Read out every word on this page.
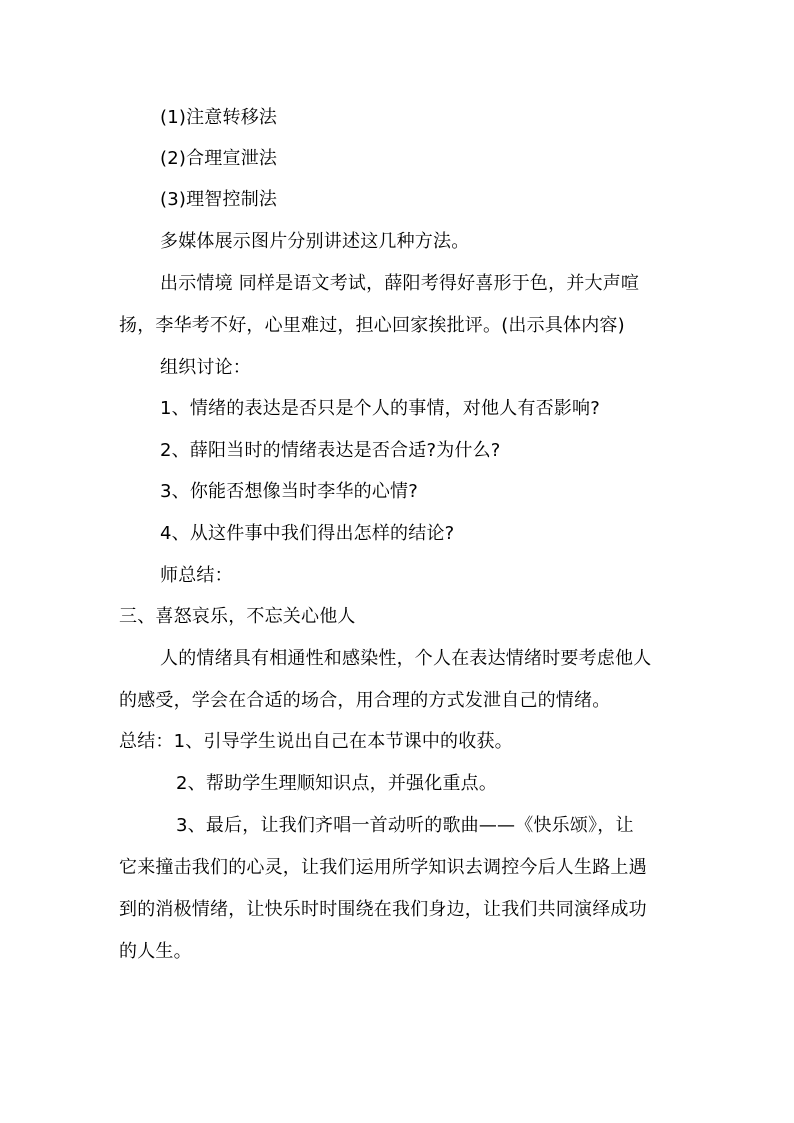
(1)注意转移法
(2)合理宣泄法
(3)理智控制法
多媒体展示图片分别讲述这几种方法。
出示情境 同样是语文考试，薛阳考得好喜形于色，并大声喧
扬，李华考不好，心里难过，担心回家挨批评。(出示具体内容)
组织讨论：
1、情绪的表达是否只是个人的事情，对他人有否影响?
2、薛阳当时的情绪表达是否合适?为什么?
3、你能否想像当时李华的心情?
4、从这件事中我们得出怎样的结论?
师总结：
三、喜怒哀乐，不忘关心他人
人的情绪具有相通性和感染性，个人在表达情绪时要考虑他人
的感受，学会在合适的场合，用合理的方式发泄自己的情绪。
总结：1、引导学生说出自己在本节课中的收获。
2、帮助学生理顺知识点，并强化重点。
3、最后，让我们齐唱一首动听的歌曲——《快乐颂》，让
它来撞击我们的心灵，让我们运用所学知识去调控今后人生路上遇
到的消极情绪，让快乐时时围绕在我们身边，让我们共同演绎成功
的人生。
